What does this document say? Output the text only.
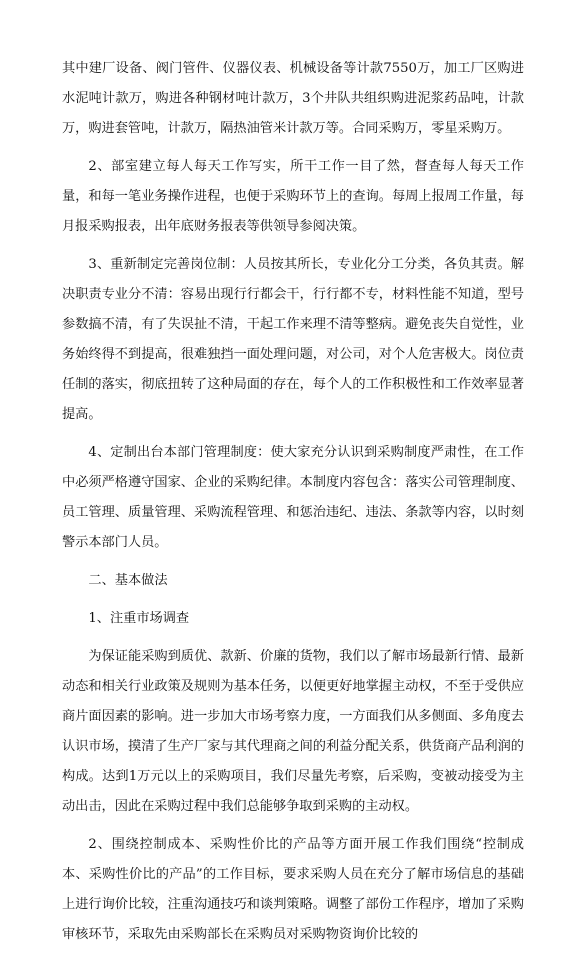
其中建厂设备、阀门管件、仪器仪表、机械设备等计款7550万，加工厂区购进水泥吨计款万，购进各种钢材吨计款万，3个井队共组织购进泥浆药品吨，计款万，购进套管吨，计款万，隔热油管米计款万等。合同采购万，零星采购万。

2、部室建立每人每天工作写实，所干工作一目了然，督查每人每天工作量，和每一笔业务操作进程，也便于采购环节上的查询。每周上报周工作量，每月报采购报表，出年底财务报表等供领导参阅决策。

3、重新制定完善岗位制：人员按其所长，专业化分工分类，各负其责。解决职责专业分不清：容易出现行行都会干，行行都不专，材料性能不知道，型号参数搞不清，有了失误扯不清，干起工作来理不清等整病。避免丧失自觉性，业务始终得不到提高，很难独挡一面处理问题，对公司，对个人危害极大。岗位责任制的落实，彻底扭转了这种局面的存在，每个人的工作积极性和工作效率显著提高。

4、定制出台本部门管理制度：使大家充分认识到采购制度严肃性，在工作中必须严格遵守国家、企业的采购纪律。本制度内容包含：落实公司管理制度、员工管理、质量管理、采购流程管理、和惩治违纪、违法、条款等内容，以时刻警示本部门人员。

二、基本做法

1、注重市场调查

为保证能采购到质优、款新、价廉的货物，我们以了解市场最新行情、最新动态和相关行业政策及规则为基本任务，以便更好地掌握主动权，不至于受供应商片面因素的影响。进一步加大市场考察力度，一方面我们从多侧面、多角度去认识市场，摸清了生产厂家与其代理商之间的利益分配关系，供货商产品利润的构成。达到1万元以上的采购项目，我们尽量先考察，后采购，变被动接受为主动出击，因此在采购过程中我们总能够争取到采购的主动权。

2、围绕控制成本、采购性价比的产品等方面开展工作我们围绕“控制成本、采购性价比的产品”的工作目标，要求采购人员在充分了解市场信息的基础上进行询价比较，注重沟通技巧和谈判策略。调整了部份工作程序，增加了采购审核环节，采取先由采购部长在采购员对采购物资询价比较的
